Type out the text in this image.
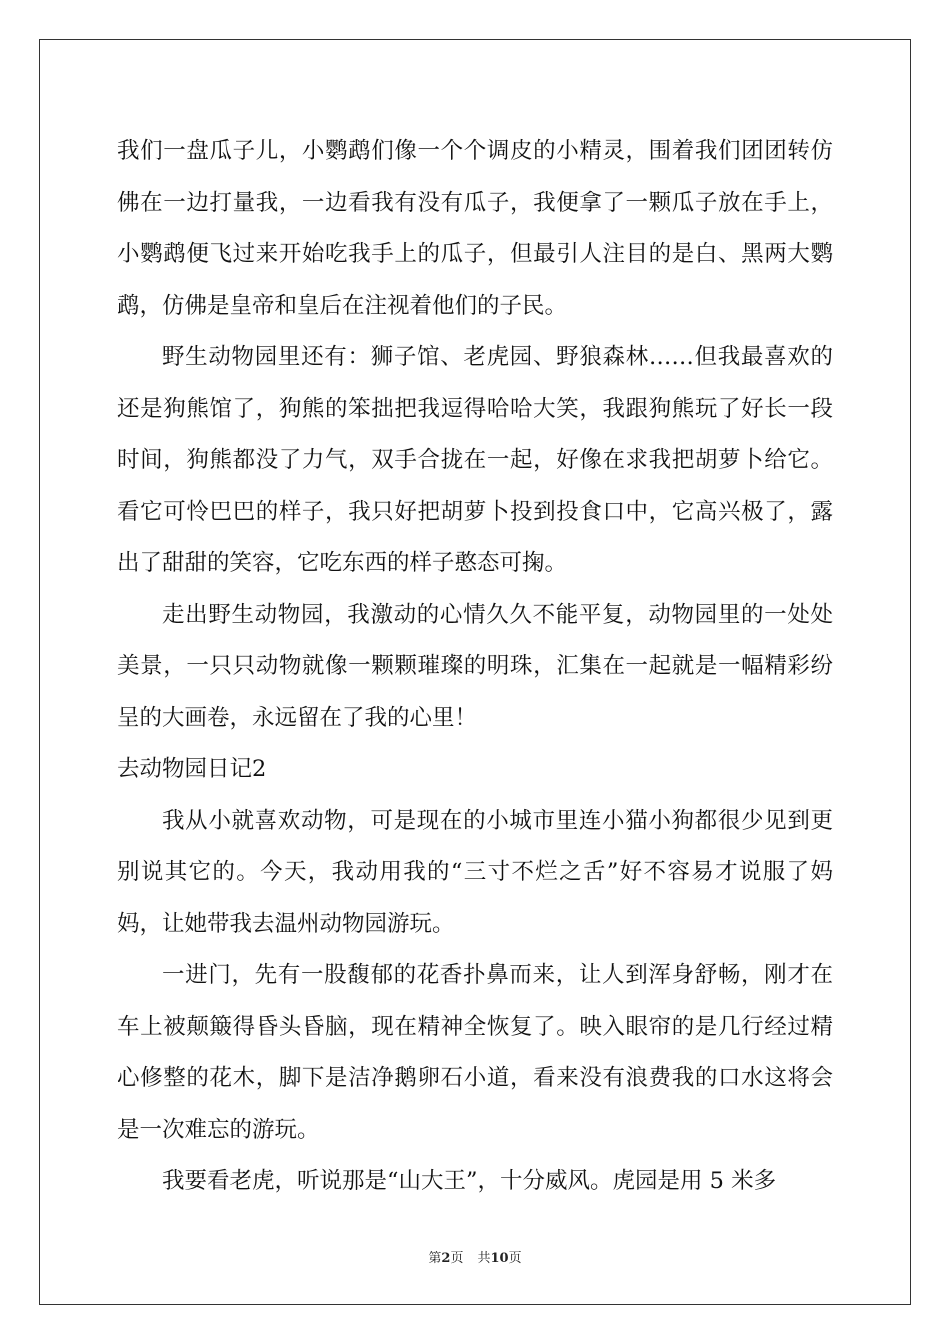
我们一盘瓜子儿，小鹦鹉们像一个个调皮的小精灵，围着我们团团转仿佛在一边打量我，一边看我有没有瓜子，我便拿了一颗瓜子放在手上，小鹦鹉便飞过来开始吃我手上的瓜子，但最引人注目的是白、黑两大鹦鹉，仿佛是皇帝和皇后在注视着他们的子民。

野生动物园里还有：狮子馆、老虎园、野狼森林……但我最喜欢的还是狗熊馆了，狗熊的笨拙把我逗得哈哈大笑，我跟狗熊玩了好长一段时间，狗熊都没了力气，双手合拢在一起，好像在求我把胡萝卜给它。看它可怜巴巴的样子，我只好把胡萝卜投到投食口中，它高兴极了，露出了甜甜的笑容，它吃东西的样子憨态可掬。

走出野生动物园，我激动的心情久久不能平复，动物园里的一处处美景，一只只动物就像一颗颗璀璨的明珠，汇集在一起就是一幅精彩纷呈的大画卷，永远留在了我的心里！

去动物园日记2

我从小就喜欢动物，可是现在的小城市里连小猫小狗都很少见到更别说其它的。今天，我动用我的“三寸不烂之舌”好不容易才说服了妈妈，让她带我去温州动物园游玩。

一进门，先有一股馥郁的花香扑鼻而来，让人到浑身舒畅，刚才在车上被颠簸得昏头昏脑，现在精神全恢复了。映入眼帘的是几行经过精心修整的花木，脚下是洁净鹅卵石小道，看来没有浪费我的口水这将会是一次难忘的游玩。

我要看老虎，听说那是“山大王”，十分威风。虎园是用 5 米多

第2页 共10页
